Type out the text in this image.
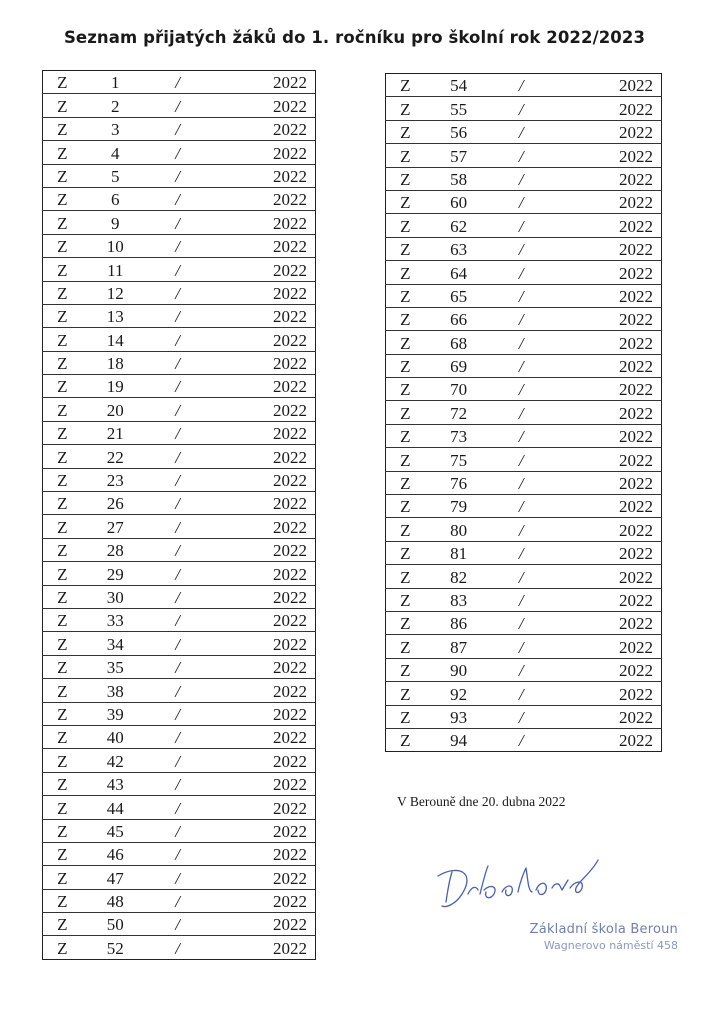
Seznam přijatých žáků do 1. ročníku pro školní rok 2022/2023
Z	1	/	2022
Z	2	/	2022
Z	3	/	2022
Z	4	/	2022
Z	5	/	2022
Z	6	/	2022
Z	9	/	2022
Z	10	/	2022
Z	11	/	2022
Z	12	/	2022
Z	13	/	2022
Z	14	/	2022
Z	18	/	2022
Z	19	/	2022
Z	20	/	2022
Z	21	/	2022
Z	22	/	2022
Z	23	/	2022
Z	26	/	2022
Z	27	/	2022
Z	28	/	2022
Z	29	/	2022
Z	30	/	2022
Z	33	/	2022
Z	34	/	2022
Z	35	/	2022
Z	38	/	2022
Z	39	/	2022
Z	40	/	2022
Z	42	/	2022
Z	43	/	2022
Z	44	/	2022
Z	45	/	2022
Z	46	/	2022
Z	47	/	2022
Z	48	/	2022
Z	50	/	2022
Z	52	/	2022
Z	54	/	2022
Z	55	/	2022
Z	56	/	2022
Z	57	/	2022
Z	58	/	2022
Z	60	/	2022
Z	62	/	2022
Z	63	/	2022
Z	64	/	2022
Z	65	/	2022
Z	66	/	2022
Z	68	/	2022
Z	69	/	2022
Z	70	/	2022
Z	72	/	2022
Z	73	/	2022
Z	75	/	2022
Z	76	/	2022
Z	79	/	2022
Z	80	/	2022
Z	81	/	2022
Z	82	/	2022
Z	83	/	2022
Z	86	/	2022
Z	87	/	2022
Z	90	/	2022
Z	92	/	2022
Z	93	/	2022
Z	94	/	2022
V Berouně dne 20. dubna 2022
Základní škola Beroun
Wagnerovo náměstí 458
